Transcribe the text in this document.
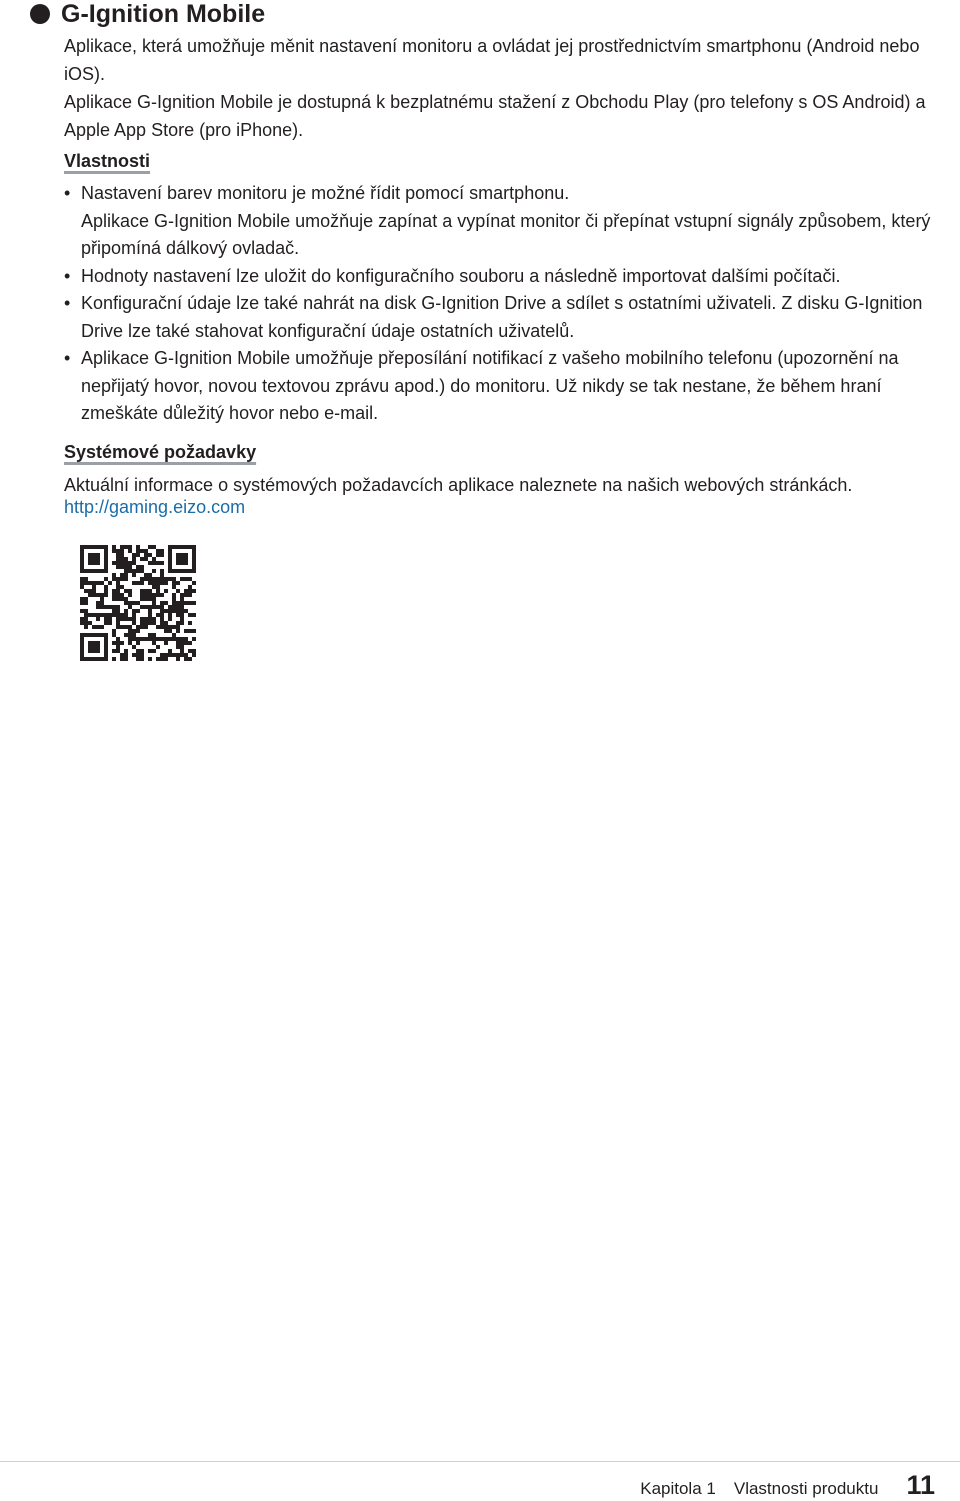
G-Ignition Mobile
Aplikace, která umožňuje měnit nastavení monitoru a ovládat jej prostřednictvím smartphonu (Android nebo iOS).
Aplikace G-Ignition Mobile je dostupná k bezplatnému stažení z Obchodu Play (pro telefony s OS Android) a Apple App Store (pro iPhone).
Vlastnosti
• Nastavení barev monitoru je možné řídit pomocí smartphonu.
Aplikace G-Ignition Mobile umožňuje zapínat a vypínat monitor či přepínat vstupní signály způsobem, který připomíná dálkový ovladač.
• Hodnoty nastavení lze uložit do konfiguračního souboru a následně importovat dalšími počítači.
• Konfigurační údaje lze také nahrát na disk G-Ignition Drive a sdílet s ostatními uživateli. Z disku G-Ignition Drive lze také stahovat konfigurační údaje ostatních uživatelů.
• Aplikace G-Ignition Mobile umožňuje přeposílání notifikací z vašeho mobilního telefonu (upozornění na nepřijatý hovor, novou textovou zprávu apod.) do monitoru. Už nikdy se tak nestane, že během hraní zmeškáte důležitý hovor nebo e-mail.
Systémové požadavky
Aktuální informace o systémových požadavcích aplikace naleznete na našich webových stránkách.
http://gaming.eizo.com
Kapitola 1 Vlastnosti produktu 11
